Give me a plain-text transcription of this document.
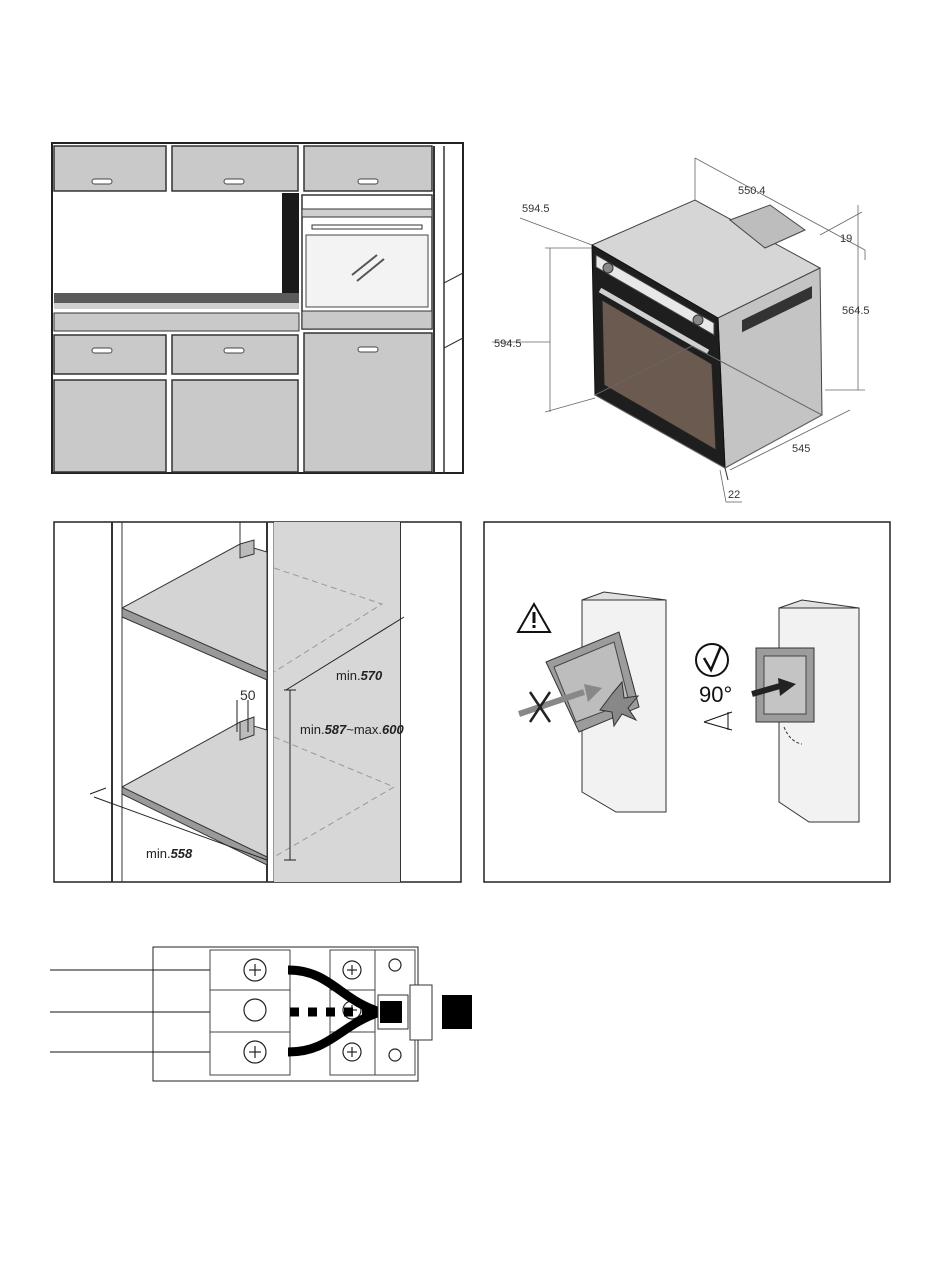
550.4
594.5
594.5
564.5
19
545
22
50
min.570
min.587~max.600
min.558
90°
